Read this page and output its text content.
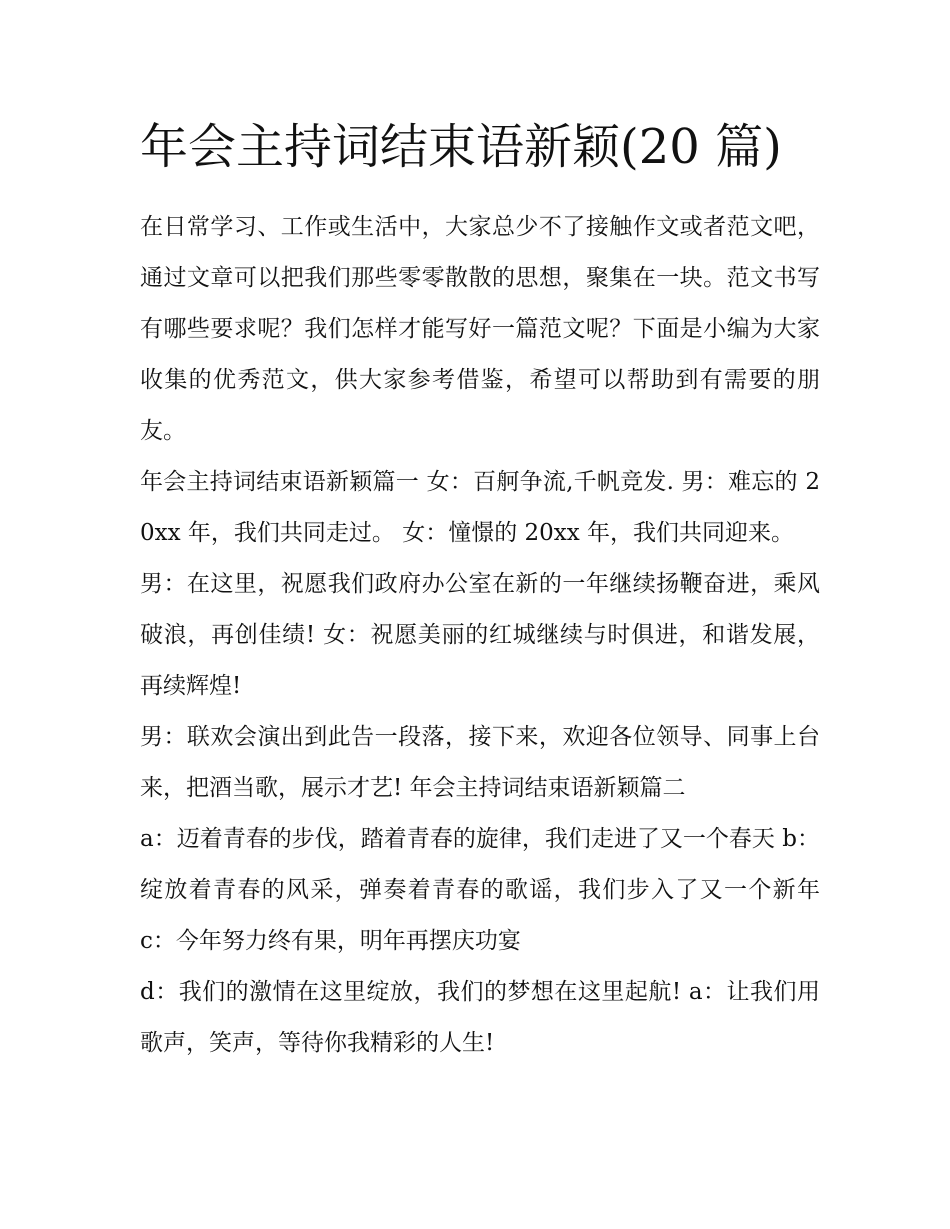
年会主持词结束语新颖(20 篇)

在日常学习、工作或生活中，大家总少不了接触作文或者范文吧，通过文章可以把我们那些零零散散的思想，聚集在一块。范文书写有哪些要求呢？我们怎样才能写好一篇范文呢？下面是小编为大家收集的优秀范文，供大家参考借鉴，希望可以帮助到有需要的朋友。

年会主持词结束语新颖篇一 女：百舸争流,千帆竞发. 男：难忘的 20xx 年，我们共同走过。 女：憧憬的 20xx 年，我们共同迎来。

男：在这里，祝愿我们政府办公室在新的一年继续扬鞭奋进，乘风破浪，再创佳绩! 女：祝愿美丽的红城继续与时俱进，和谐发展，再续辉煌!

男：联欢会演出到此告一段落，接下来，欢迎各位领导、同事上台来，把酒当歌，展示才艺! 年会主持词结束语新颖篇二

a：迈着青春的步伐，踏着青春的旋律，我们走进了又一个春天 b：绽放着青春的风采，弹奏着青春的歌谣，我们步入了又一个新年 c：今年努力终有果，明年再摆庆功宴

d：我们的激情在这里绽放，我们的梦想在这里起航! a：让我们用歌声，笑声，等待你我精彩的人生!
